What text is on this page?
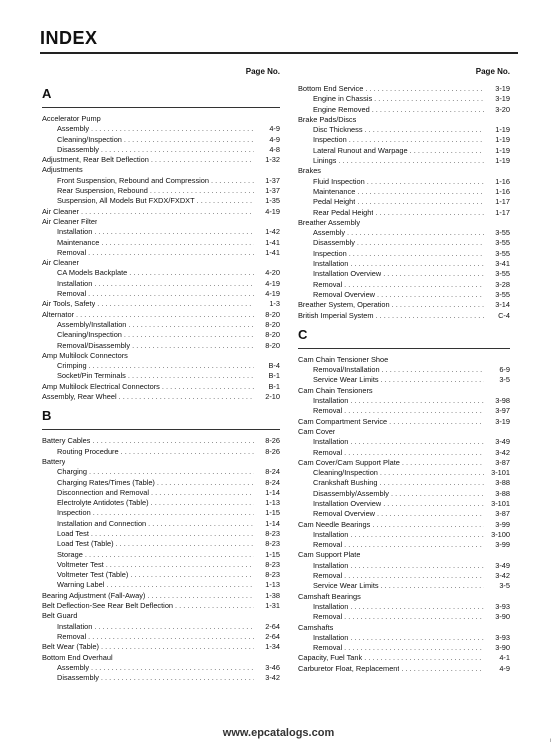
INDEX
Page No.
A
Accelerator Pump
Assembly . . .	4-9
Cleaning/Inspection . . .	4-9
Disassembly . . .	4-8
Adjustment, Rear Belt Deflection . . .	1-32
Adjustments
Front Suspension, Rebound and Compression . . .	1-37
Rear Suspension, Rebound . . .	1-37
Suspension, All Models But FXDX/FXDXT . . .	1-35
Air Cleaner . . .	4-19
Air Cleaner Filter
Installation . . .	1-42
Maintenance . . .	1-41
Removal . . .	1-41
Air Cleaner
CA Models Backplate . . .	4-20
Installation . . .	4-19
Removal . . .	4-19
Air Tools, Safety . . .	1-3
Alternator . . .	8-20
Assembly/Installation . . .	8-20
Cleaning/Inspection . . .	8-20
Removal/Disassembly . . .	8-20
Amp Multilock Connectors
Crimping . . .	B-4
Socket/Pin Terminals . . .	B-1
Amp Multilock Electrical Connectors . . .	B-1
Assembly, Rear Wheel . . .	2-10
B
Battery Cables . . .	8-26
Routing Procedure . . .	8-26
Battery
Charging . . .	8-24
Charging Rates/Times (Table) . . .	8-24
Disconnection and Removal . . .	1-14
Electrolyte Antidotes (Table) . . .	1-13
Inspection . . .	1-15
Installation and Connection . . .	1-14
Load Test . . .	8-23
Load Test (Table) . . .	8-23
Storage . . .	1-15
Voltmeter Test . . .	8-23
Voltmeter Test (Table) . . .	8-23
Warning Label . . .	1-13
Bearing Adjustment (Fall-Away) . . .	1-38
Belt Deflection-See Rear Belt Deflection . . .	1-31
Belt Guard
Installation . . .	2-64
Removal . . .	2-64
Belt Wear (Table) . . .	1-34
Bottom End Overhaul
Assembly . . .	3-46
Disassembly . . .	3-42
Page No.
Bottom End Service . . .	3-19
Engine in Chassis . . .	3-19
Engine Removed . . .	3-20
Brake Pads/Discs
Disc Thickness . . .	1-19
Inspection . . .	1-19
Lateral Runout and Warpage . . .	1-19
Linings . . .	1-19
Brakes
Fluid Inspection . . .	1-16
Maintenance . . .	1-16
Pedal Height . . .	1-17
Rear Pedal Height . . .	1-17
Breather Assembly
Assembly . . .	3-55
Disassembly . . .	3-55
Inspection . . .	3-55
Installation . . .	3-41
Installation Overview . . .	3-55
Removal . . .	3-28
Removal Overview . . .	3-55
Breather System, Operation . . .	3-14
British Imperial System . . .	C-4
C
Cam Chain Tensioner Shoe
Removal/Installation . . .	6-9
Service Wear Limits . . .	3-5
Cam Chain Tensioners
Installation . . .	3-98
Removal . . .	3-97
Cam Compartment Service . . .	3-19
Cam Cover
Installation . . .	3-49
Removal . . .	3-42
Cam Cover/Cam Support Plate . . .	3-87
Cleaning/Inspection . . .	3-101
Crankshaft Bushing . . .	3-88
Disassembly/Assembly . . .	3-88
Installation Overview . . .	3-101
Removal Overview . . .	3-87
Cam Needle Bearings . . .	3-99
Installation . . .	3-100
Removal . . .	3-99
Cam Support Plate
Installation . . .	3-49
Removal . . .	3-42
Service Wear Limits . . .	3-5
Camshaft Bearings
Installation . . .	3-93
Removal . . .	3-90
Camshafts
Installation . . .	3-93
Removal . . .	3-90
Capacity, Fuel Tank . . .	4-1
Carburetor Float, Replacement . . .	4-9
www.epcatalogs.com
i
